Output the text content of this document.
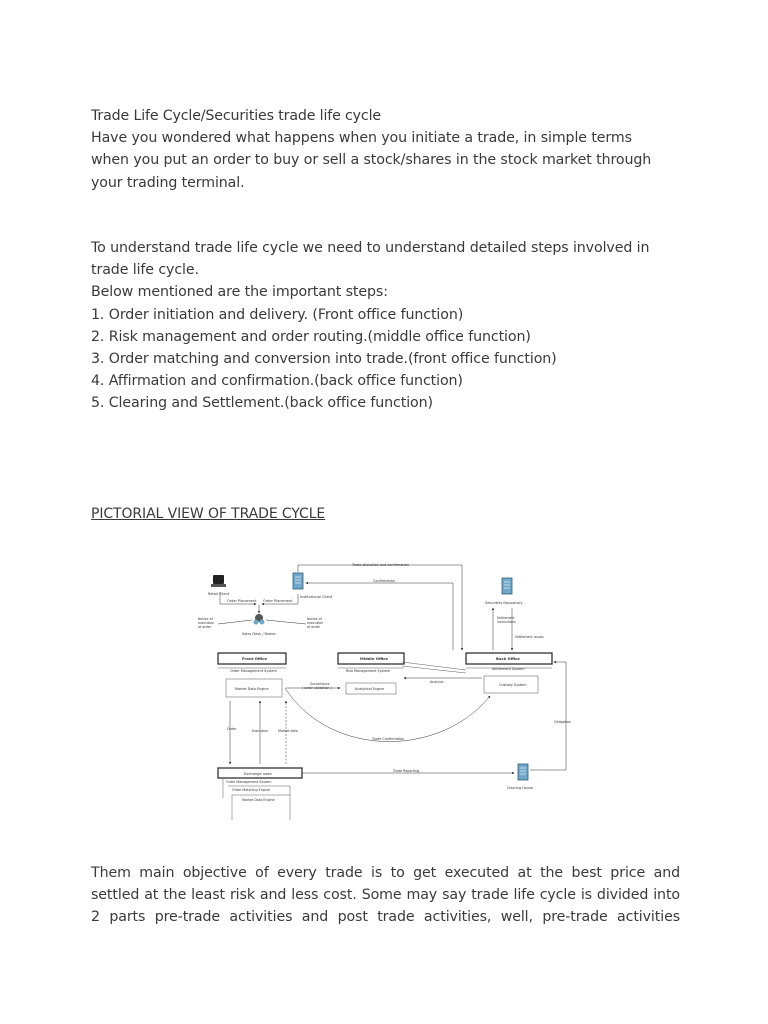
Trade Life Cycle/Securities trade life cycle
Have you wondered what happens when you initiate a trade, in simple terms
when you put an order to buy or sell a stock/shares in the stock market through
your trading terminal.
To understand trade life cycle we need to understand detailed steps involved in
trade life cycle.
Below mentioned are the important steps:
1. Order initiation and delivery. (Front office function)
2. Risk management and order routing.(middle office function)
3. Order matching and conversion into trade.(front office function)
4. Affirmation and confirmation.(back office function)
5. Clearing and Settlement.(back office function)
PICTORIAL VIEW OF TRADE CYCLE
Retail Client
Institutional Client
Order Placement Order Placement
Sales Desk / Broker
Notice of
execution
of order
Notice of
execution
of order
Trade allocation and confirmation
Confirmation
Securities Depository
Settlement
instructions
Settlement issues
Front Office
Order Management System
Market Data Engine
Middle Office
Risk Management System
Analytical Engine
Surveillance
( order validation )
Back Office
Settlement System
Custody System
Analysis
Trade Confirmation
Order	Execution	Market data
Exchange node
Order Management System
Order Matching Engine
Market Data Engine
Trade Reporting
Clearing House
Obligation
Them main objective of every trade is to get executed at the best price and
settled at the least risk and less cost. Some may say trade life cycle is divided into
2 parts pre-trade activities and post trade activities, well, pre-trade activities
